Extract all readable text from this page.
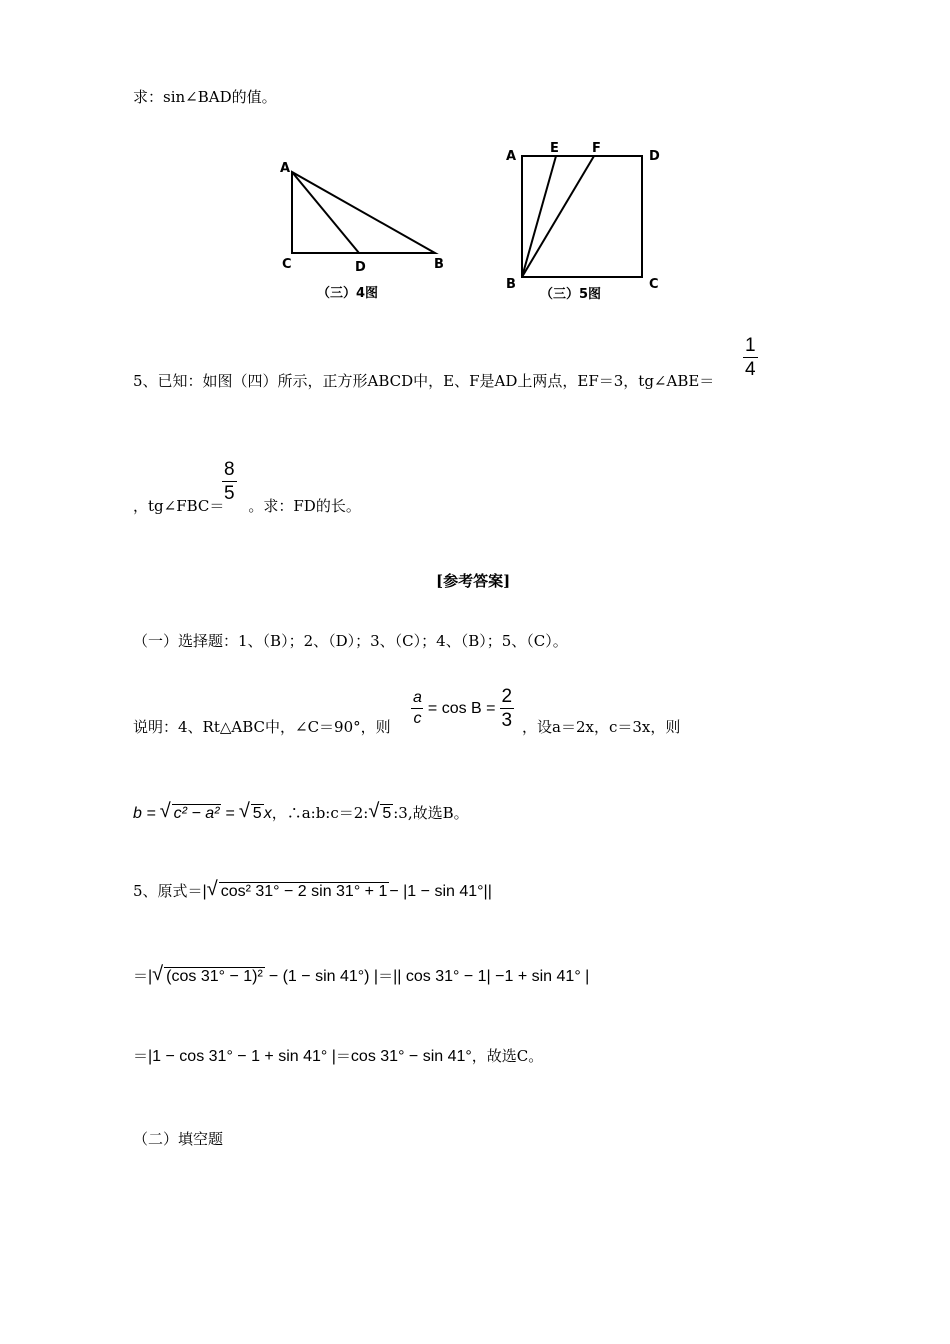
求：sin∠BAD的值。
A
C	D	B
（三）4图
A
E	F
D
B	C
（三）5图
5、已知：如图（四）所示，正方形ABCD中，E、F是AD上两点，EF＝3，tg∠ABE＝
$\frac{1}{4}$
，tg∠FBC＝ 。求：FD的长。
$\frac{8}{5}$
[参考答案]
（一）选择题：1、（B）；2、（D）；3、（C）；4、（B）；5、（C）。
说明：4、Rt△ABC中，∠C＝90°，则 $\frac{a}{c} = \cos B = \frac{2}{3}$ ，设a＝2x，c＝3x，则
b = √ c² − a² = √ 5 x ，∴a:b:c＝2: √ 5 :3,故选B。
5、原式＝ | √ cos² 31° − 2 sin 31° + 1 − |1 − sin 41°||
＝ | √ (cos 31° − 1)² − (1 − sin 41°) | ＝ || cos 31° − 1| −1 + sin 41° |
＝ |1 − cos 31° − 1 + sin 41° | ＝ cos 31° − sin 41° ，故选C。
（二）填空题
